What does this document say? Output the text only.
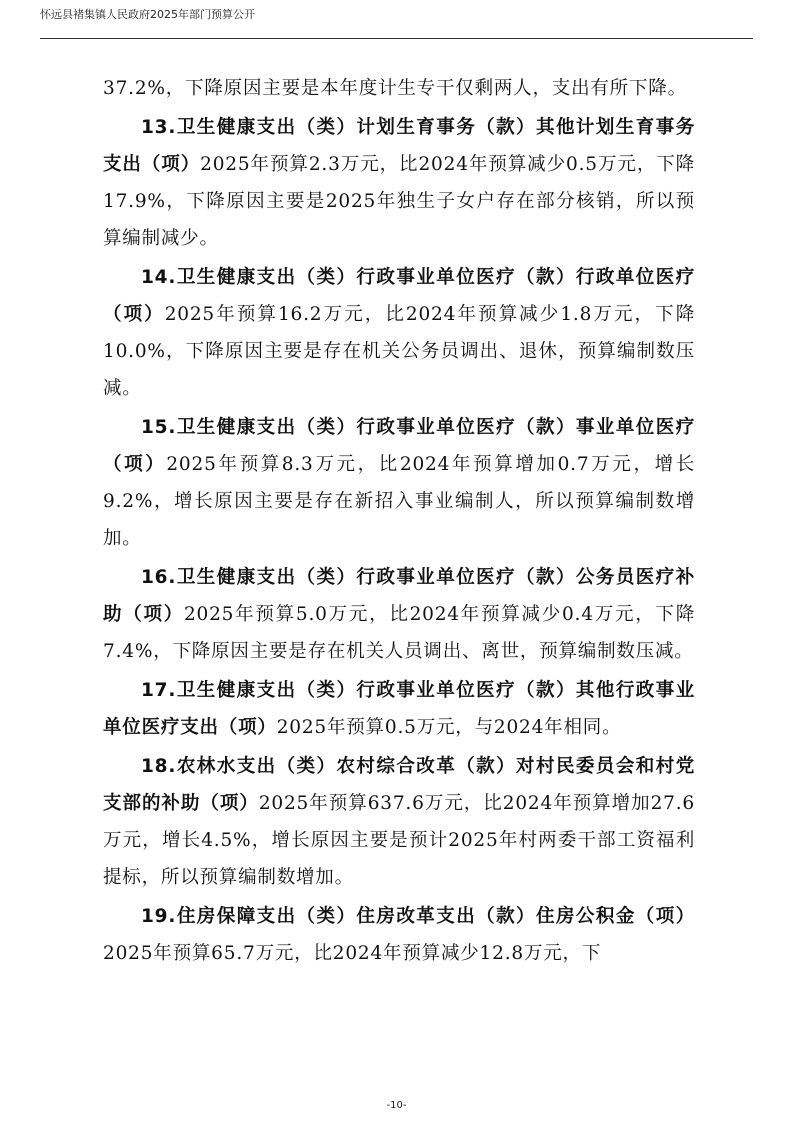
怀远县褚集镇人民政府2025年部门预算公开

37.2%，下降原因主要是本年度计生专干仅剩两人，支出有所下降。

13.卫生健康支出（类）计划生育事务（款）其他计划生育事务支出（项）2025年预算2.3万元，比2024年预算减少0.5万元，下降17.9%，下降原因主要是2025年独生子女户存在部分核销，所以预算编制减少。

14.卫生健康支出（类）行政事业单位医疗（款）行政单位医疗（项）2025年预算16.2万元，比2024年预算减少1.8万元，下降10.0%，下降原因主要是存在机关公务员调出、退休，预算编制数压减。

15.卫生健康支出（类）行政事业单位医疗（款）事业单位医疗（项）2025年预算8.3万元，比2024年预算增加0.7万元，增长9.2%，增长原因主要是存在新招入事业编制人，所以预算编制数增加。

16.卫生健康支出（类）行政事业单位医疗（款）公务员医疗补助（项）2025年预算5.0万元，比2024年预算减少0.4万元，下降7.4%，下降原因主要是存在机关人员调出、离世，预算编制数压减。

17.卫生健康支出（类）行政事业单位医疗（款）其他行政事业单位医疗支出（项）2025年预算0.5万元，与2024年相同。

18.农林水支出（类）农村综合改革（款）对村民委员会和村党支部的补助（项）2025年预算637.6万元，比2024年预算增加27.6万元，增长4.5%，增长原因主要是预计2025年村两委干部工资福利提标，所以预算编制数增加。

19.住房保障支出（类）住房改革支出（款）住房公积金（项）2025年预算65.7万元，比2024年预算减少12.8万元，下

-10-
